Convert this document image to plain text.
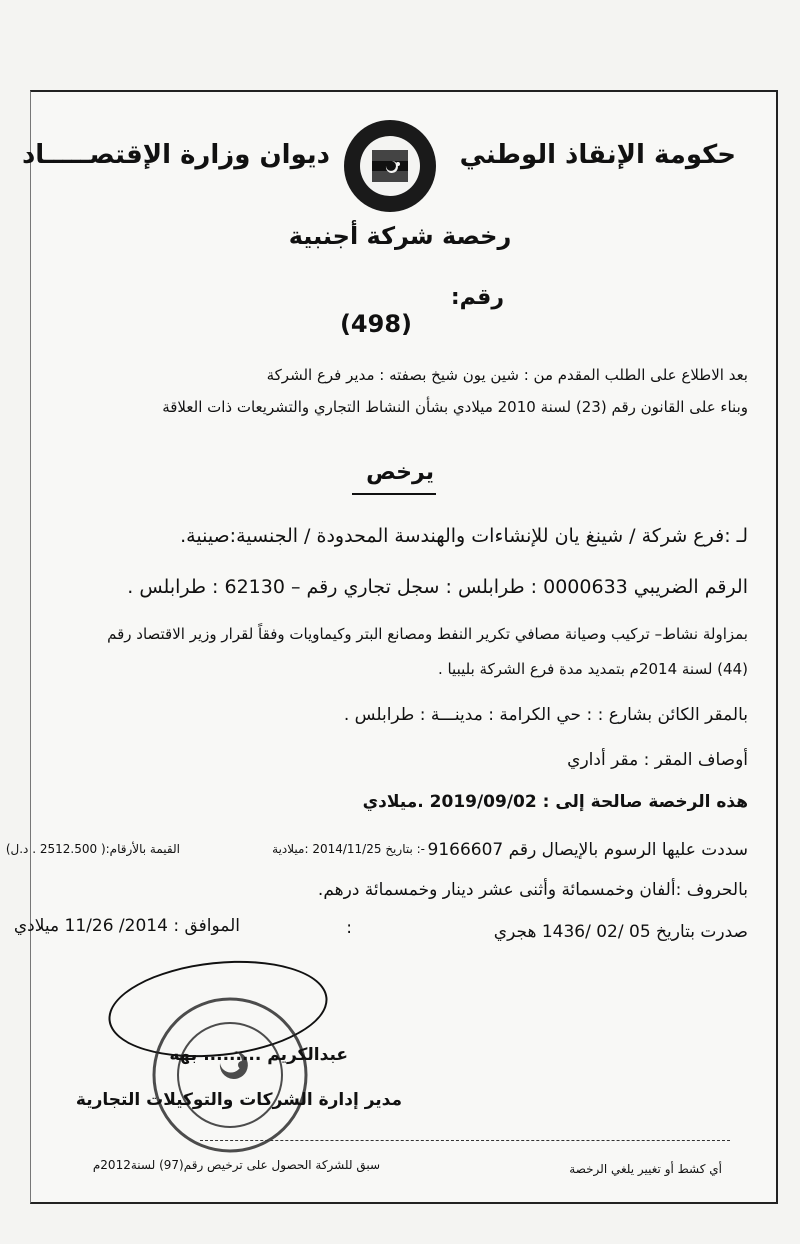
حكومة الإنقاذ الوطني
ديوان وزارة الإقتصـــــاد
رخصة شركة أجنبية
رقم:
(498)
بعد الاطلاع على الطلب المقدم من : شين يون شيخ بصفته : مدير فرع الشركة
وبناء على القانون رقم (23) لسنة 2010 ميلادي بشأن النشاط التجاري والتشريعات ذات العلاقة
يرخص
لـ :فرع شركة / شينغ يان للإنشاءات والهندسة المحدودة / الجنسية:صينية.
الرقم الضريبي 0000633 : طرابلس : سجل تجاري رقم – 62130 : طرابلس .
بمزاولة نشاط– تركيب وصيانة مصافي تكرير النفط ومصانع البتر وكيماويات وفقاً لقرار وزير الاقتصاد رقم
(44) لسنة 2014م بتمديد مدة فرع الشركة بليبيا .
بالمقر الكائن بشارع : : حي الكرامة : مدينـــة : طرابلس .
أوصاف المقر : مقر أداري
هذه الرخصة صالحة إلى : 2019/09/02 .ميلادي
سددت عليها الرسوم بالإيصال رقم 9166607
-: بتاريخ 2014/11/25 :ميلادية
القيمة بالأرقام:( 2512.500 . د.ل)
بالحروف :ألفان وخمسمائة وأثنى عشر دينار وخمسمائة درهم.
صدرت بتاريخ 05 /02 /1436 هجري
:
الموافق : 2014/ 11/26 ميلادي
عبدالكريم ......... بهه
مدير إدارة الشركات والتوكيلات التجارية
أي كشط أو تغيير يلغي الرخصة
سبق للشركة الحصول على ترخيص رقم(97) لسنة2012م
